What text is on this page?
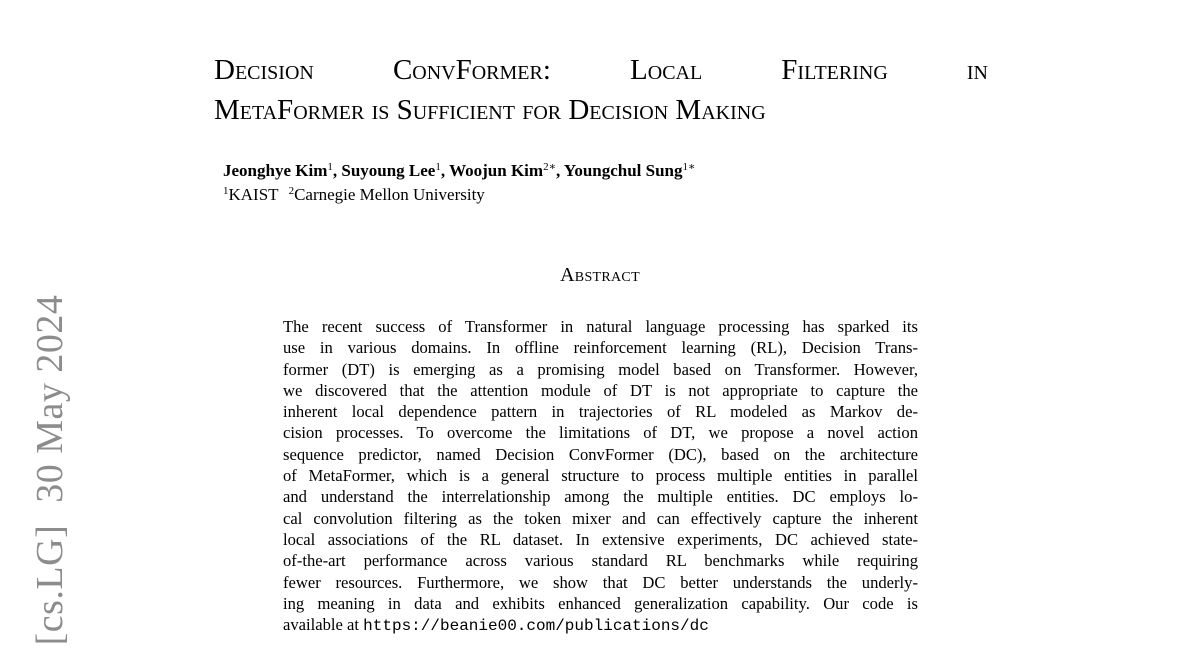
[cs.LG]30 May 2024
Decision ConvFormer: Local Filtering in
MetaFormer is Sufficient for Decision Making
Jeonghye Kim$^1$, Suyoung Lee$^1$, Woojun Kim$^{2∗}$, Youngchul Sung$^{1∗}$
$^1$KAIST $^2$Carnegie Mellon University
Abstract
The recent success of Transformer in natural language processing has sparked its
use in various domains. In offline reinforcement learning (RL), Decision Trans-
former (DT) is emerging as a promising model based on Transformer. However,
we discovered that the attention module of DT is not appropriate to capture the
inherent local dependence pattern in trajectories of RL modeled as Markov de-
cision processes. To overcome the limitations of DT, we propose a novel action
sequence predictor, named Decision ConvFormer (DC), based on the architecture
of MetaFormer, which is a general structure to process multiple entities in parallel
and understand the interrelationship among the multiple entities. DC employs lo-
cal convolution filtering as the token mixer and can effectively capture the inherent
local associations of the RL dataset. In extensive experiments, DC achieved state-
of-the-art performance across various standard RL benchmarks while requiring
fewer resources. Furthermore, we show that DC better understands the underly-
ing meaning in data and exhibits enhanced generalization capability. Our code is
available at https://beanie00.com/publications/dc
